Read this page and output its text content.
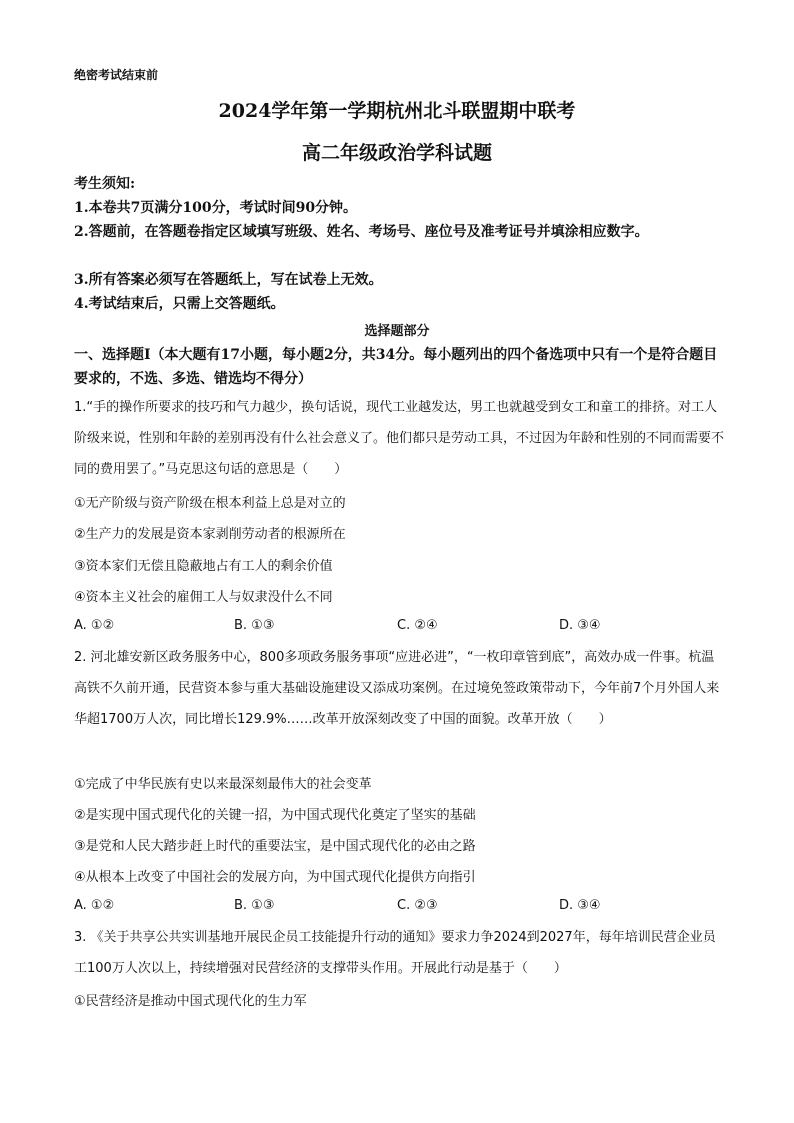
绝密考试结束前
2024学年第一学期杭州北斗联盟期中联考
高二年级政治学科试题
考生须知:
1.本卷共7页满分100分，考试时间90分钟。
2.答题前，在答题卷指定区域填写班级、姓名、考场号、座位号及准考证号并填涂相应数字。
3.所有答案必须写在答题纸上，写在试卷上无效。
4.考试结束后，只需上交答题纸。
选择题部分
一、选择题Ⅰ（本大题有17小题，每小题2分，共34分。每小题列出的四个备选项中只有一个是符合题目要求的，不选、多选、错选均不得分）
1.“手的操作所要求的技巧和气力越少，换句话说，现代工业越发达，男工也就越受到女工和童工的排挤。对工人阶级来说，性别和年龄的差别再没有什么社会意义了。他们都只是劳动工具，不过因为年龄和性别的不同而需要不同的费用罢了。”马克思这句话的意思是（　　）
①无产阶级与资产阶级在根本利益上总是对立的
②生产力的发展是资本家剥削劳动者的根源所在
③资本家们无偿且隐蔽地占有工人的剩余价值
④资本主义社会的雇佣工人与奴隶没什么不同
A. ①②	B. ①③	C. ②④	D. ③④
2. 河北雄安新区政务服务中心，800多项政务服务事项“应进必进”，“一枚印章管到底”，高效办成一件事。杭温高铁不久前开通，民营资本参与重大基础设施建设又添成功案例。在过境免签政策带动下，今年前7个月外国人来华超1700万人次，同比增长129.9%……改革开放深刻改变了中国的面貌。改革开放（　　）
①完成了中华民族有史以来最深刻最伟大的社会变革
②是实现中国式现代化的关键一招，为中国式现代化奠定了坚实的基础
③是党和人民大踏步赶上时代的重要法宝，是中国式现代化的必由之路
④从根本上改变了中国社会的发展方向，为中国式现代化提供方向指引
A. ①②	B. ①③	C. ②③	D. ③④
3. 《关于共享公共实训基地开展民企员工技能提升行动的通知》要求力争2024到2027年，每年培训民营企业员工100万人次以上，持续增强对民营经济的支撑带头作用。开展此行动是基于（　　）
①民营经济是推动中国式现代化的生力军
